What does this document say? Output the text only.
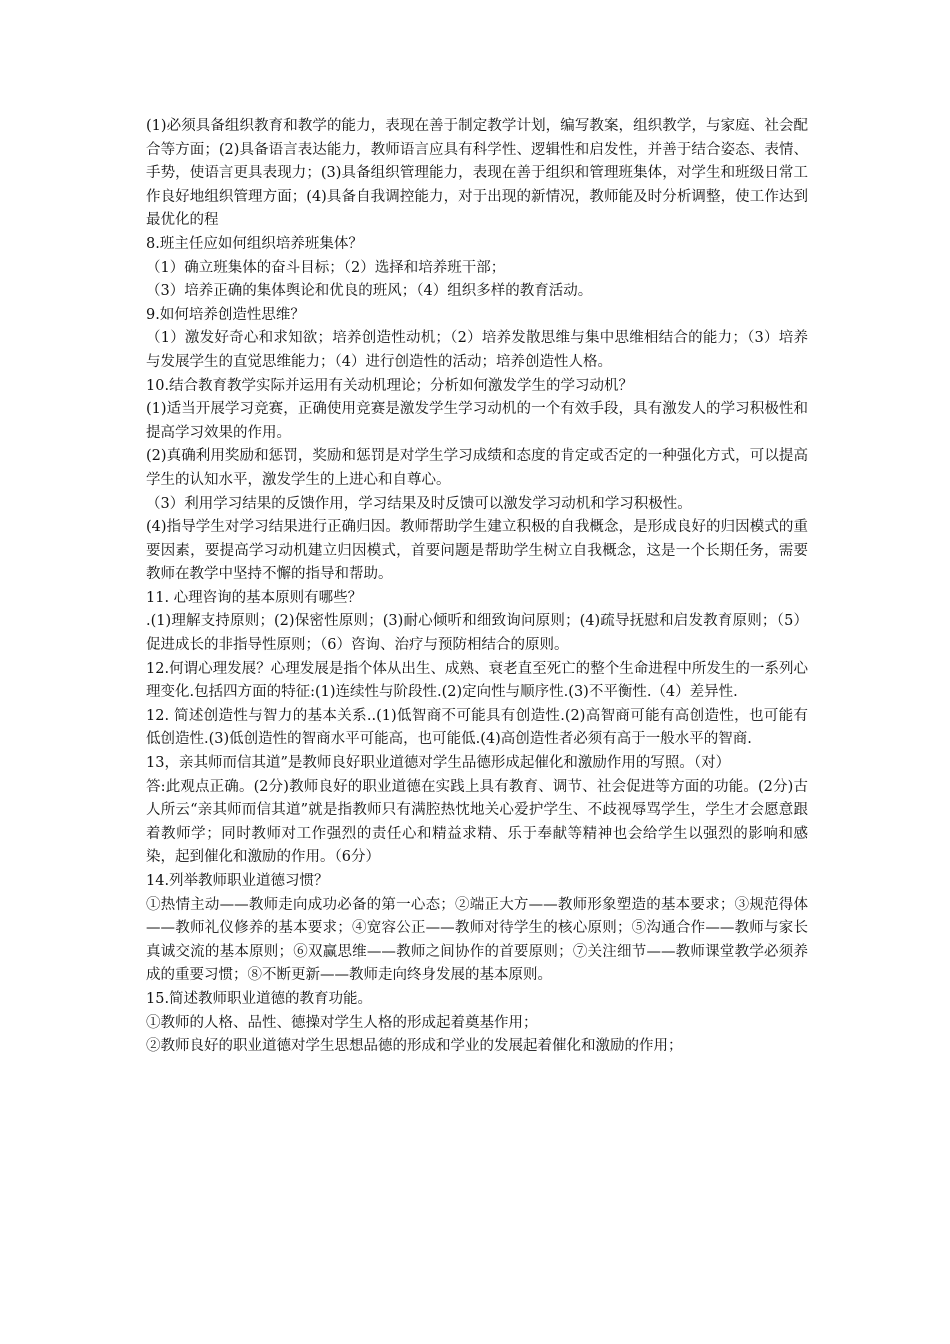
(1)必须具备组织教育和教学的能力，表现在善于制定教学计划，编写教案，组织教学，与家庭、社会配合等方面；(2)具备语言表达能力，教师语言应具有科学性、逻辑性和启发性，并善于结合姿态、表情、手势，使语言更具表现力；(3)具备组织管理能力，表现在善于组织和管理班集体，对学生和班级日常工作良好地组织管理方面；(4)具备自我调控能力，对于出现的新情况，教师能及时分析调整，使工作达到最优化的程

8.班主任应如何组织培养班集体？

（1）确立班集体的奋斗目标；（2）选择和培养班干部；

（3）培养正确的集体舆论和优良的班风；（4）组织多样的教育活动。

9.如何培养创造性思维？

（1）激发好奇心和求知欲；培养创造性动机；（2）培养发散思维与集中思维相结合的能力；（3）培养与发展学生的直觉思维能力；（4）进行创造性的活动；培养创造性人格。

10.结合教育教学实际并运用有关动机理论；分析如何激发学生的学习动机？

(1)适当开展学习竞赛，正确使用竞赛是激发学生学习动机的一个有效手段，具有激发人的学习积极性和提高学习效果的作用。

(2)真确利用奖励和惩罚，奖励和惩罚是对学生学习成绩和态度的肯定或否定的一种强化方式，可以提高学生的认知水平，激发学生的上进心和自尊心。

（3）利用学习结果的反馈作用，学习结果及时反馈可以激发学习动机和学习积极性。

(4)指导学生对学习结果进行正确归因。教师帮助学生建立积极的自我概念，是形成良好的归因模式的重要因素，要提高学习动机建立归因模式，首要问题是帮助学生树立自我概念，这是一个长期任务，需要教师在教学中坚持不懈的指导和帮助。

11. 心理咨询的基本原则有哪些？

.(1)理解支持原则；(2)保密性原则；(3)耐心倾听和细致询问原则；(4)疏导抚慰和启发教育原则；（5）促进成长的非指导性原则；（6）咨询、治疗与预防相结合的原则。

12.何谓心理发展？心理发展是指个体从出生、成熟、衰老直至死亡的整个生命进程中所发生的一系列心理变化.包括四方面的特征:(1)连续性与阶段性.(2)定向性与顺序性.(3)不平衡性.（4）差异性.

12. 简述创造性与智力的基本关系..(1)低智商不可能具有创造性.(2)高智商可能有高创造性，也可能有低创造性.(3)低创造性的智商水平可能高，也可能低.(4)高创造性者必须有高于一般水平的智商.

13，亲其师而信其道”是教师良好职业道德对学生品德形成起催化和激励作用的写照。（对）

答:此观点正确。(2分)教师良好的职业道德在实践上具有教育、调节、社会促进等方面的功能。(2分)古人所云“亲其师而信其道”就是指教师只有满腔热忱地关心爱护学生、不歧视辱骂学生，学生才会愿意跟着教师学；同时教师对工作强烈的责任心和精益求精、乐于奉献等精神也会给学生以强烈的影响和感染，起到催化和激励的作用。（6分）

14.列举教师职业道德习惯？

①热情主动——教师走向成功必备的第一心态；②端正大方——教师形象塑造的基本要求；③规范得体——教师礼仪修养的基本要求；④宽容公正——教师对待学生的核心原则；⑤沟通合作——教师与家长真诚交流的基本原则；⑥双赢思维——教师之间协作的首要原则；⑦关注细节——教师课堂教学必须养成的重要习惯；⑧不断更新——教师走向终身发展的基本原则。

15.简述教师职业道德的教育功能。

①教师的人格、品性、德操对学生人格的形成起着奠基作用；

②教师良好的职业道德对学生思想品德的形成和学业的发展起着催化和激励的作用；
